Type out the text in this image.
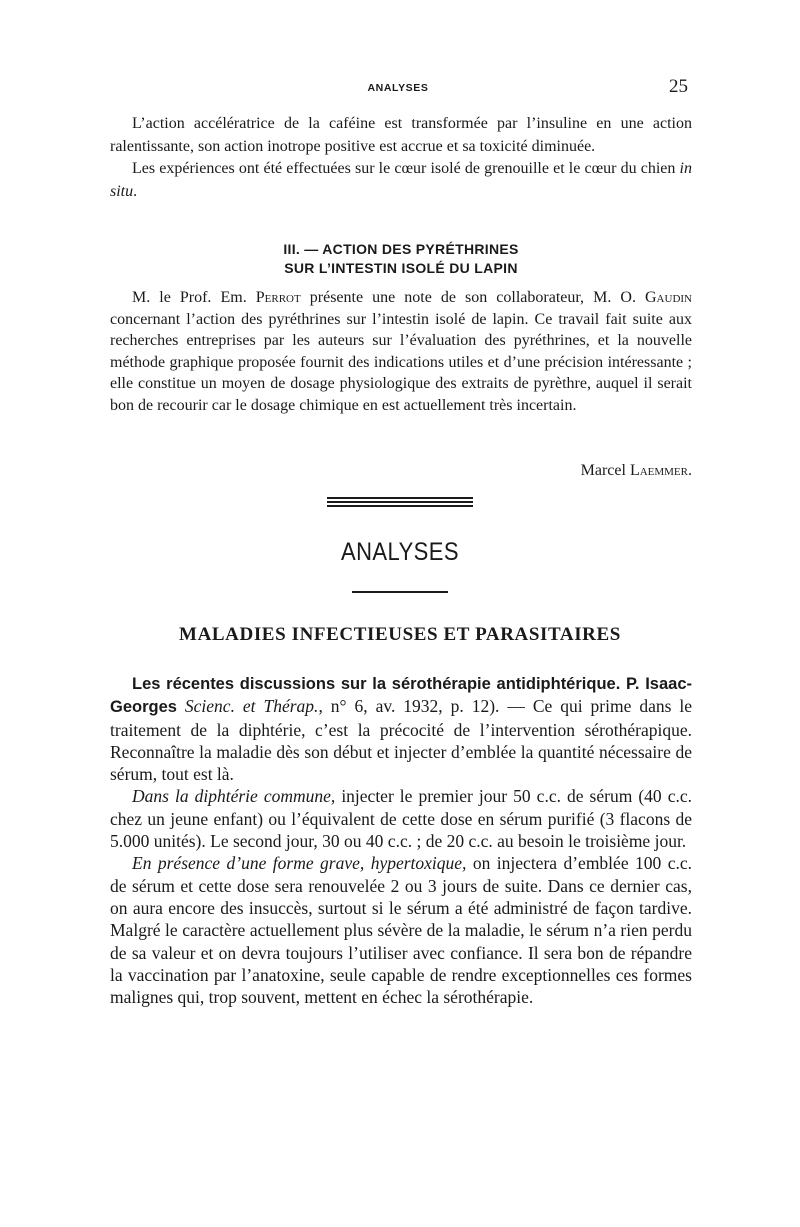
ANALYSES	25

L’action accélératrice de la caféine est transformée par l’insuline en une action ralentissante, son action inotrope positive est accrue et sa toxicité diminuée.

Les expériences ont été effectuées sur le cœur isolé de grenouille et le cœur du chien in situ.

III. — ACTION DES PYRÉTHRINES
SUR L’INTESTIN ISOLÉ DU LAPIN

M. le Prof. Em. Perrot présente une note de son collaborateur, M. O. Gaudin concernant l’action des pyréthrines sur l’intestin isolé de lapin. Ce travail fait suite aux recherches entreprises par les auteurs sur l’évaluation des pyréthrines, et la nouvelle méthode graphique proposée fournit des indications utiles et d’une précision intéressante ; elle constitue un moyen de dosage physiologique des extraits de pyrèthre, auquel il serait bon de recourir car le dosage chimique en est actuellement très incertain.

Marcel Laemmer.
ANALYSES
MALADIES INFECTIEUSES ET PARASITAIRES

Les récentes discussions sur la sérothérapie antidiphtérique. P. Isaac-Georges Scienc. et Thérap., n° 6, av. 1932, p. 12). — Ce qui prime dans le traitement de la diphtérie, c’est la précocité de l’intervention sérothérapique. Reconnaître la maladie dès son début et injecter d’emblée la quantité nécessaire de sérum, tout est là.

Dans la diphtérie commune, injecter le premier jour 50 c.c. de sérum (40 c.c. chez un jeune enfant) ou l’équivalent de cette dose en sérum purifié (3 flacons de 5.000 unités). Le second jour, 30 ou 40 c.c. ; de 20 c.c. au besoin le troisième jour.

En présence d’une forme grave, hypertoxique, on injectera d’emblée 100 c.c. de sérum et cette dose sera renouvelée 2 ou 3 jours de suite. Dans ce dernier cas, on aura encore des insuccès, surtout si le sérum a été administré de façon tardive. Malgré le caractère actuellement plus sévère de la maladie, le sérum n’a rien perdu de sa valeur et on devra toujours l’utiliser avec confiance. Il sera bon de répandre la vaccination par l’anatoxine, seule capable de rendre exceptionnelles ces formes malignes qui, trop souvent, mettent en échec la sérothérapie.
